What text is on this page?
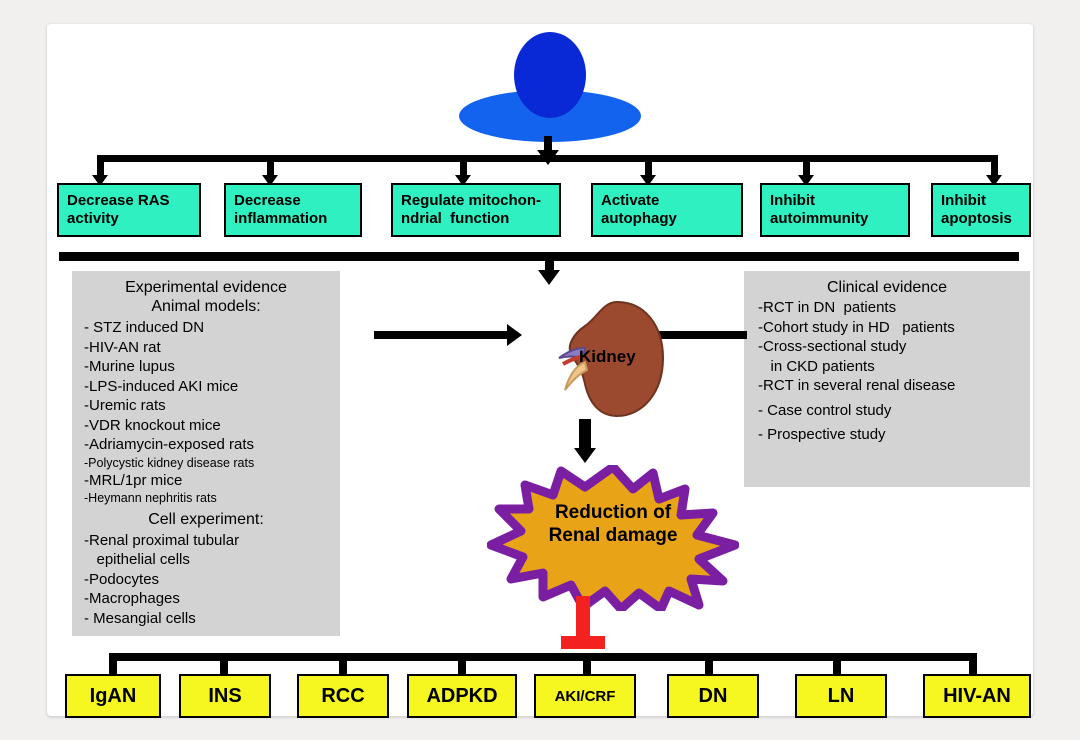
Decrease RAS
activity
Decrease
inflammation
Regulate mitochon-
ndrial  function
Activate
autophagy
Inhibit
autoimmunity
Inhibit
apoptosis
Experimental evidence
Animal models:
- STZ induced DN
-HIV-AN rat
-Murine lupus
-LPS-induced AKI mice
-Uremic rats
-VDR knockout mice
-Adriamycin-exposed rats
-Polycystic kidney disease rats
-MRL/1pr mice
-Heymann nephritis rats
Cell experiment:
-Renal proximal tubular
epithelial cells
-Podocytes
-Macrophages
- Mesangial cells
Clinical evidence
-RCT in DN  patients
-Cohort study in HD   patients
-Cross-sectional study
in CKD patients
-RCT in several renal disease
- Case control study
- Prospective study
Kidney
Reduction of
Renal damage
IgAN	INS	RCC	ADPKD	AKI/CRF	DN	LN	HIV-AN
